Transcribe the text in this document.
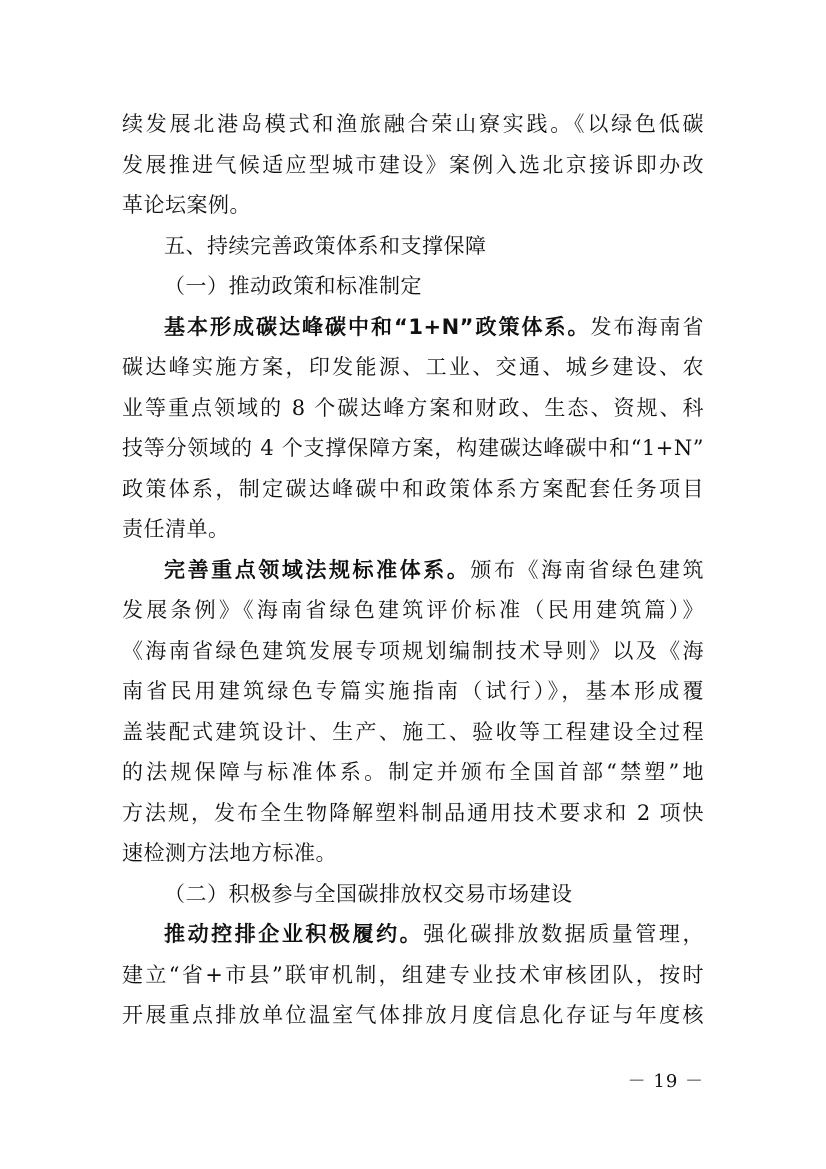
续发展北港岛模式和渔旅融合荣山寮实践。《以绿色低碳
发展推进气候适应型城市建设》案例入选北京接诉即办改
革论坛案例。
五、持续完善政策体系和支撑保障
（一）推动政策和标准制定
基本形成碳达峰碳中和“1+N”政策体系。发布海南省
碳达峰实施方案，印发能源、工业、交通、城乡建设、农
业等重点领域的 8 个碳达峰方案和财政、生态、资规、科
技等分领域的 4 个支撑保障方案，构建碳达峰碳中和“1+N”
政策体系，制定碳达峰碳中和政策体系方案配套任务项目
责任清单。
完善重点领域法规标准体系。颁布《海南省绿色建筑
发展条例》《海南省绿色建筑评价标准（民用建筑篇）》
《海南省绿色建筑发展专项规划编制技术导则》以及《海
南省民用建筑绿色专篇实施指南（试行）》，基本形成覆
盖装配式建筑设计、生产、施工、验收等工程建设全过程
的法规保障与标准体系。制定并颁布全国首部“禁塑”地
方法规，发布全生物降解塑料制品通用技术要求和 2 项快
速检测方法地方标准。
（二）积极参与全国碳排放权交易市场建设
推动控排企业积极履约。强化碳排放数据质量管理，
建立“省+市县”联审机制，组建专业技术审核团队，按时
开展重点排放单位温室气体排放月度信息化存证与年度核
－ 19 －
